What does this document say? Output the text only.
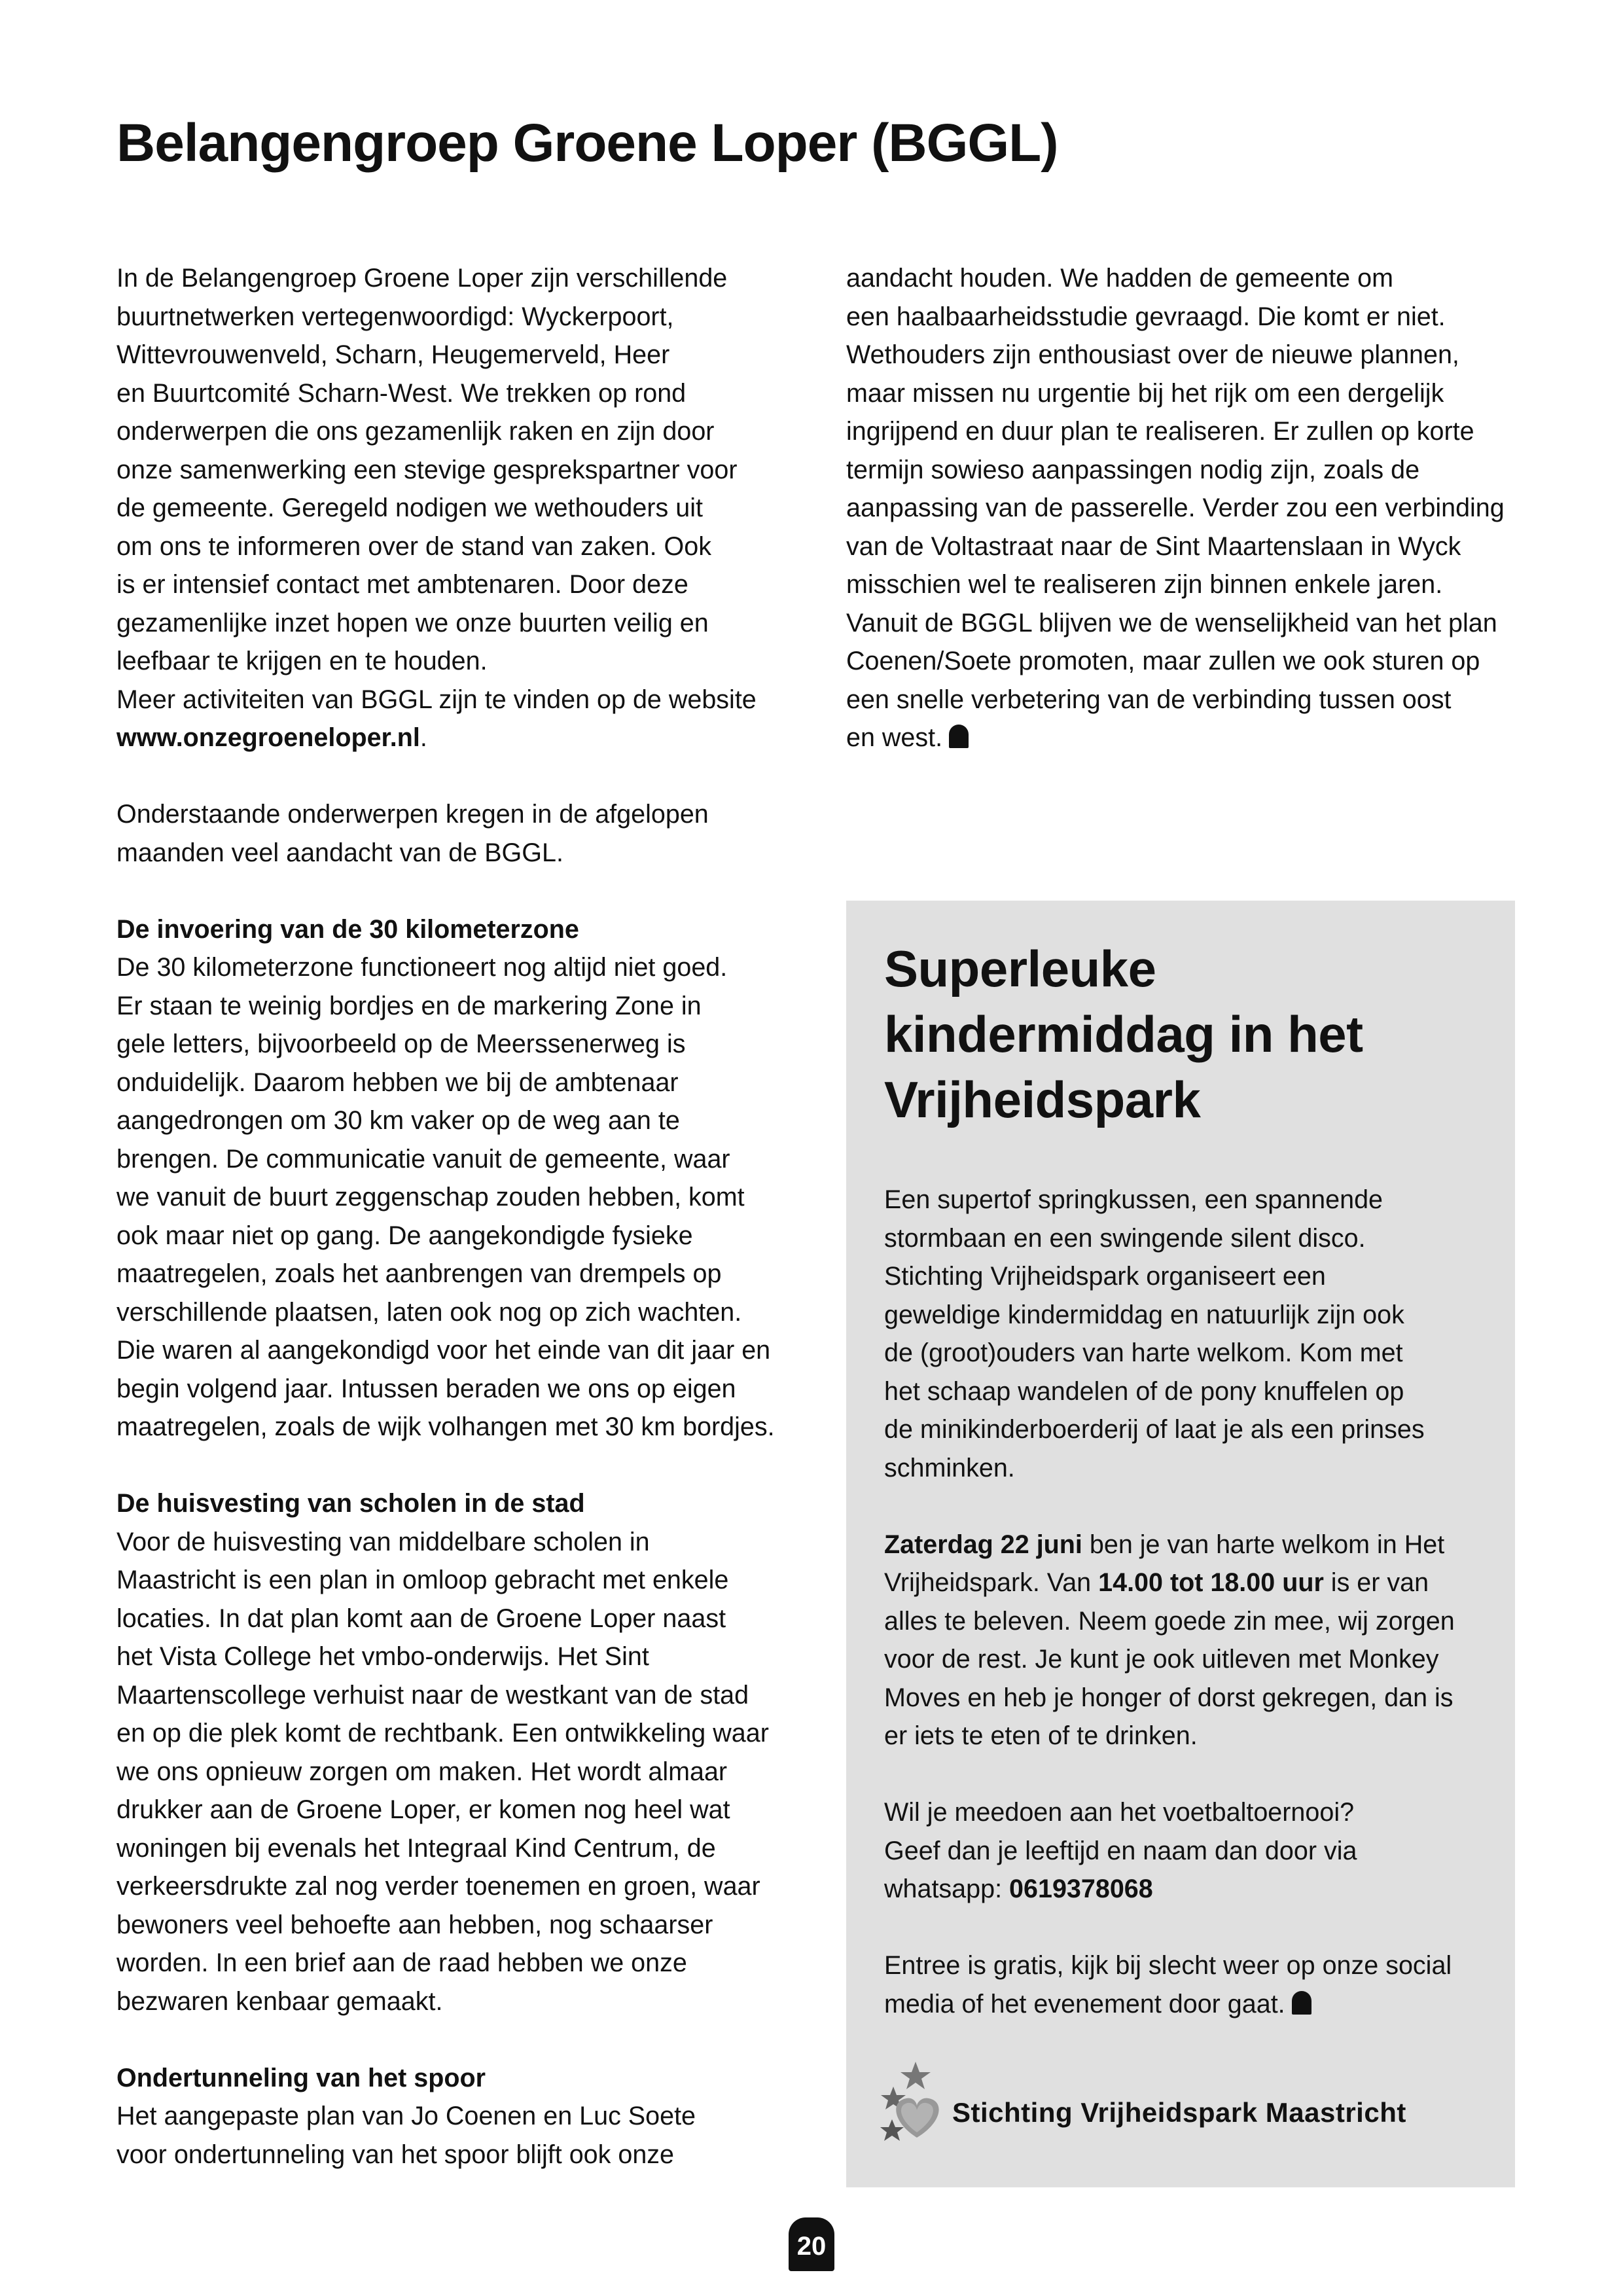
Belangengroep Groene Loper (BGGL)
In de Belangengroep Groene Loper zijn verschillende
buurtnetwerken vertegenwoordigd: Wyckerpoort,
Wittevrouwenveld, Scharn, Heugemerveld, Heer
en Buurtcomité Scharn-West. We trekken op rond
onderwerpen die ons gezamenlijk raken en zijn door
onze samenwerking een stevige gesprekspartner voor
de gemeente. Geregeld nodigen we wethouders uit
om ons te informeren over de stand van zaken. Ook
is er intensief contact met ambtenaren. Door deze
gezamenlijke inzet hopen we onze buurten veilig en
leefbaar te krijgen en te houden.
Meer activiteiten van BGGL zijn te vinden op de website
www.onzegroeneloper.nl.
Onderstaande onderwerpen kregen in de afgelopen
maanden veel aandacht van de BGGL.
De invoering van de 30 kilometerzone
De 30 kilometerzone functioneert nog altijd niet goed.
Er staan te weinig bordjes en de markering Zone in
gele letters, bijvoorbeeld op de Meerssenerweg is
onduidelijk. Daarom hebben we bij de ambtenaar
aangedrongen om 30 km vaker op de weg aan te
brengen. De communicatie vanuit de gemeente, waar
we vanuit de buurt zeggenschap zouden hebben, komt
ook maar niet op gang. De aangekondigde fysieke
maatregelen, zoals het aanbrengen van drempels op
verschillende plaatsen, laten ook nog op zich wachten.
Die waren al aangekondigd voor het einde van dit jaar en
begin volgend jaar. Intussen beraden we ons op eigen
maatregelen, zoals de wijk volhangen met 30 km bordjes.
De huisvesting van scholen in de stad
Voor de huisvesting van middelbare scholen in
Maastricht is een plan in omloop gebracht met enkele
locaties. In dat plan komt aan de Groene Loper naast
het Vista College het vmbo-onderwijs. Het Sint
Maartenscollege verhuist naar de westkant van de stad
en op die plek komt de rechtbank. Een ontwikkeling waar
we ons opnieuw zorgen om maken. Het wordt almaar
drukker aan de Groene Loper, er komen nog heel wat
woningen bij evenals het Integraal Kind Centrum, de
verkeersdrukte zal nog verder toenemen en groen, waar
bewoners veel behoefte aan hebben, nog schaarser
worden. In een brief aan de raad hebben we onze
bezwaren kenbaar gemaakt.
Ondertunneling van het spoor
Het aangepaste plan van Jo Coenen en Luc Soete
voor ondertunneling van het spoor blijft ook onze
aandacht houden. We hadden de gemeente om
een haalbaarheidsstudie gevraagd. Die komt er niet.
Wethouders zijn enthousiast over de nieuwe plannen,
maar missen nu urgentie bij het rijk om een dergelijk
ingrijpend en duur plan te realiseren. Er zullen op korte
termijn sowieso aanpassingen nodig zijn, zoals de
aanpassing van de passerelle. Verder zou een verbinding
van de Voltastraat naar de Sint Maartenslaan in Wyck
misschien wel te realiseren zijn binnen enkele jaren.
Vanuit de BGGL blijven we de wenselijkheid van het plan
Coenen/Soete promoten, maar zullen we ook sturen op
een snelle verbetering van de verbinding tussen oost
en west.
Superleuke
kindermiddag in het
Vrijheidspark
Een supertof springkussen, een spannende
stormbaan en een swingende silent disco.
Stichting Vrijheidspark organiseert een
geweldige kindermiddag en natuurlijk zijn ook
de (groot)ouders van harte welkom. Kom met
het schaap wandelen of de pony knuffelen op
de minikinderboerderij of laat je als een prinses
schminken.
Zaterdag 22 juni ben je van harte welkom in Het
Vrijheidspark. Van 14.00 tot 18.00 uur is er van
alles te beleven. Neem goede zin mee, wij zorgen
voor de rest. Je kunt je ook uitleven met Monkey
Moves en heb je honger of dorst gekregen, dan is
er iets te eten of te drinken.
Wil je meedoen aan het voetbaltoernooi?
Geef dan je leeftijd en naam dan door via
whatsapp: 0619378068
Entree is gratis, kijk bij slecht weer op onze social
media of het evenement door gaat.
Stichting Vrijheidspark Maastricht
20
